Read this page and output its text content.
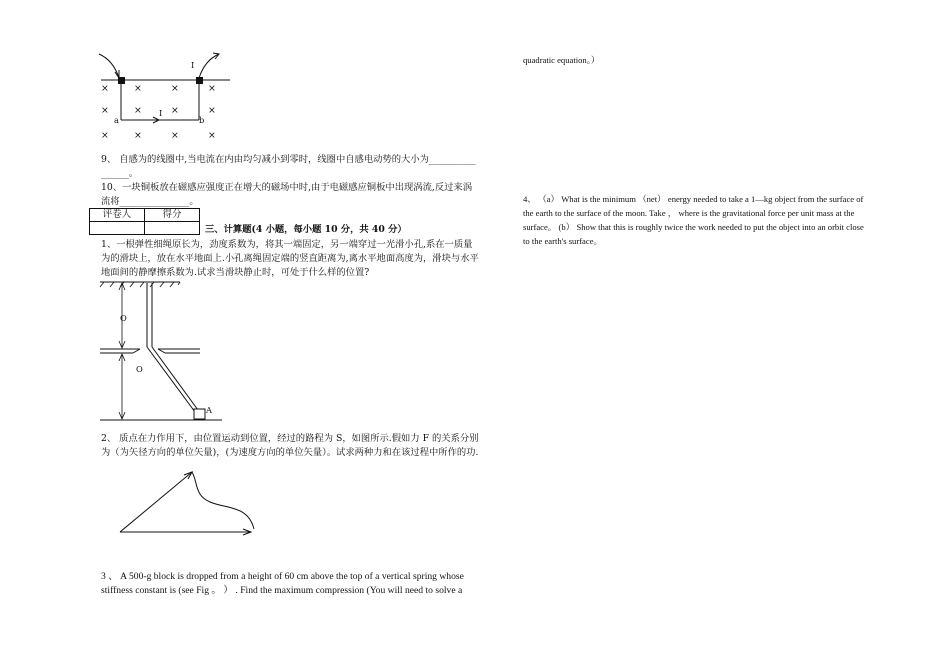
I
I
a	b
×	×	×	×
×	×	×	×
×	×	×	×
9、 自感为的线圈中,当电流在内由均匀减小到零时，线圈中自感电动势的大小为__________
______。
10、一块铜板放在磁感应强度正在增大的磁场中时,由于电磁感应铜板中出现涡流,反过来涡
流将_______________。
评卷人	得分

三、计算题(4 小题，每小题 10 分，共 40 分）
1、一根弹性细绳原长为，劲度系数为，将其一端固定，另一端穿过一光滑小孔,系在一质量
为的滑块上，放在水平地面上.小孔离绳固定端的竖直距离为,离水平地面高度为，滑块与水平
地面间的静摩擦系数为.试求当滑块静止时，可处于什么样的位置?
O
O
A
2、 质点在力作用下，由位置运动到位置，经过的路程为 S，如图所示.假如力 F 的关系分别
为（为矢径方向的单位矢量)，(为速度方向的单位矢量）。试求两种力和在该过程中所作的功.
3 、 A 500-g block is dropped from a height of 60 cm above the top of a vertical spring whose
stiffness constant is (see Fig 。 ） . Find the maximum compression (You will need to solve a
quadratic equation。）
4、 （a） What is the minimum （net） energy needed to take a 1—kg object from the surface of
the earth to the surface of the moon. Take ， where is the gravitational force per unit mass at the
surface。 (b） Show that this is roughly twice the work needed to put the object into an orbit close
to the earth's surface。
